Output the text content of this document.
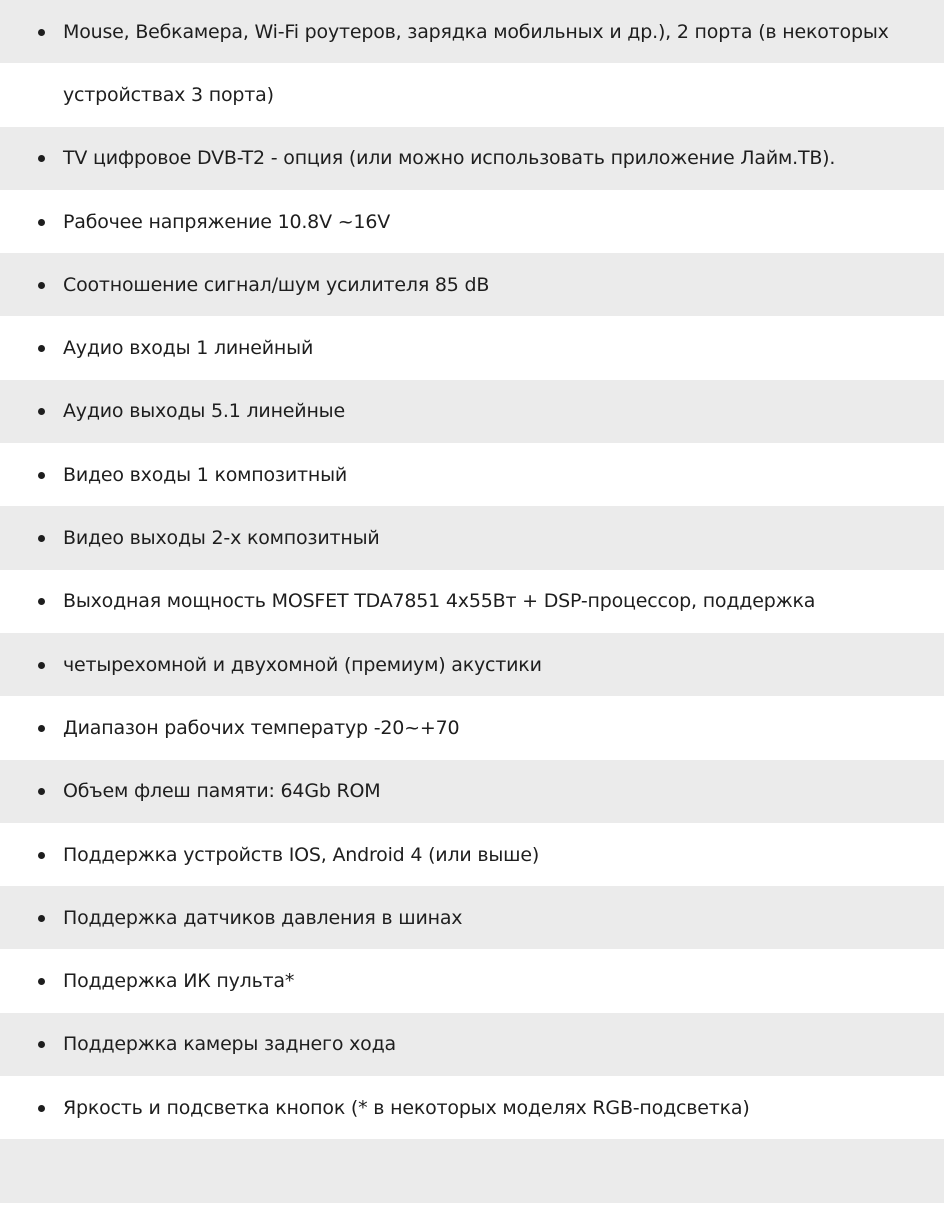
Mouse, Вебкамера, Wi-Fi роутеров, зарядка мобильных и др.), 2 порта (в некоторых
устройствах 3 порта)
TV цифровое DVB-T2 - опция (или можно использовать приложение Лайм.ТВ).
Рабочее напряжение 10.8V ~16V
Соотношение сигнал/шум усилителя 85 dB
Аудио входы 1 линейный
Аудио выходы 5.1 линейные
Видео входы 1 композитный
Видео выходы 2-х композитный
Выходная мощность MOSFET TDA7851 4x55Вт + DSP-процессор, поддержка
четырехомной и двухомной (премиум) акустики
Диапазон рабочих температур -20~+70
Объем флеш памяти: 64Gb ROM
Поддержка устройств IOS, Android 4 (или выше)
Поддержка датчиков давления в шинах
Поддержка ИК пульта*
Поддержка камеры заднего хода
Яркость и подсветка кнопок (* в некоторых моделях RGB-подсветка)
